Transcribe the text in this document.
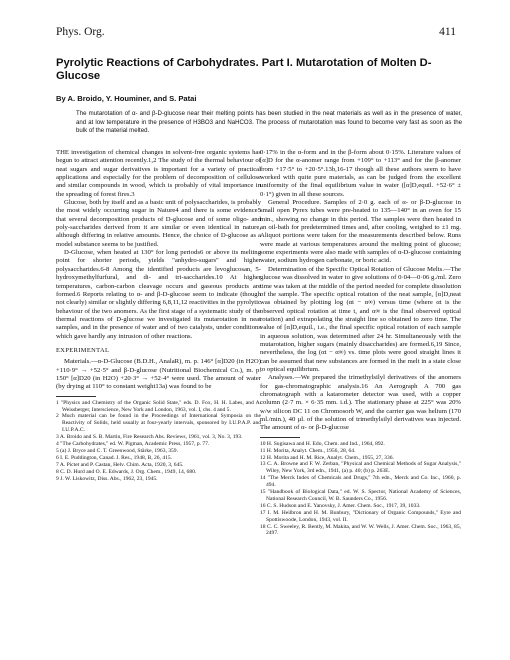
Phys. Org.	411
Pyrolytic Reactions of Carbohydrates. Part I. Mutarotation of Molten D-Glucose
By A. Broido, Y. Houminer, and S. Patai
The mutarotation of α- and β-D-glucose near their melting points has been studied in the neat materials as well as in the presence of water, and at low temperature in the presence of H3BO3 and NaHCO3. The process of mutarotation was found to become very fast as soon as the bulk of the material melted.

THE investigation of chemical changes in solvent-free organic systems has begun to attract attention recently.1,2 The study of the thermal behaviour of neat sugars and sugar derivatives is important for a variety of practical applications and especially for the problem of decomposition of cellulose and similar compounds in wood, which is probably of vital importance in the spreading of forest fires.3

Glucose, both by itself and as a basic unit of polysaccharides, is probably the most widely occurring sugar in Nature4 and there is some evidence5 that several decomposition products of D-glucose and of some oligo- and poly-saccharides derived from it are similar or even identical in nature, although differing in relative amounts. Hence, the choice of D-glucose as a model substance seems to be justified.

D-Glucose, when heated at 130° for long periods6 or above its melting point for shorter periods, yields "anhydro-sugars" and higher polysaccharides.6-8 Among the identified products are levoglucosan, 5-hydroxymethylfurfural, and di- and tri-saccharides.10 At higher temperatures, carbon-carbon cleavage occurs and gaseous products are formed.6 Reports relating to α- and β-D-glucose seem to indicate (though not clearly) similar or slightly differing 6,8,11,12 reactivities in the pyrolytic behaviour of the two anomers. As the first stage of a systematic study of the thermal reactions of D-glucose we investigated its mutarotation in neat samples, and in the presence of water and of two catalysts, under conditions which gave hardly any intrusion of other reactions.

EXPERIMENTAL

Materials.—α-D-Glucose (B.D.H., AnalaR), m. p. 146° [α]D20 (in H2O) +110·9° → +52·5° and β-D-glucose (Nutritional Biochemical Co.), m. p. 150° [α]D20 (in H2O) +20·3° → +52·4° were used. The amount of water (by drying at 110° to constant weight13a) was found to be

1 "Physics and Chemistry of the Organic Solid State," eds. D. Fox, H. H. Labes, and A. Weissberger, Interscience, New York and London, 1963, vol. I, chs. 4 and 5.
2 Much material can be found in the Proceedings of International Symposia on the Reactivity of Solids, held usually at four-yearly intervals, sponsored by I.U.P.A.P. and I.U.P.A.C.
3 A. Broido and S. B. Martin, Fire Research Abs. Reviews, 1961, vol. 3, No. 3, 193.
4 "The Carbohydrates," ed. W. Pigman, Academic Press, 1957, p. 77.
5 (a) J. Bryce and C. T. Greenwood, Stärke, 1963, 359.
6 I. E. Puddington, Canad. J. Res., 1948, B, 26, 415.
7 A. Pictet and P. Castan, Helv. Chim. Acta, 1920, 3, 645.
8 C. D. Hurd and O. E. Edwards, J. Org. Chem., 1949, 14, 680.
9 J. W. Liskowitz, Diss. Abs., 1962, 23, 1945.

0·17% in the α-form and in the β-form about 0·15%. Literature values of [α]D for the α-anomer range from +109° to +113° and for the β-anomer from +17·5° to +20·5°.13b,16-17 though all these authors seem to have worked with quite pure materials, as can be judged from the excellent uniformity of the final equilibrium value in water ([α]D,equil. +52·6° ± 0·1°) given in all these sources.

General Procedure. Samples of 2·0 g. each of α- or β-D-glucose in small open Pyrex tubes were pre-heated to 135—140° in an oven for 15 min., showing no change in this period. The samples were then heated in an oil-bath for predetermined times and, after cooling, weighed to ±1 mg. Aliquot portions were taken for the measurements described below. Runs were made at various temperatures around the melting point of glucose; some experiments were also made with samples of α-D-glucose containing water, sodium hydrogen carbonate, or boric acid.

Determination of the Specific Optical Rotation of Glucose Melts.—The glucose was dissolved in water to give solutions of 0·04—0·06 g./ml. Zero time was taken at the middle of the period needed for complete dissolution of the sample. The specific optical rotation of the neat sample, [α]D,neat was obtained by plotting log (αt − α∞) versus time (where αt is the observed optical rotation at time t, and α∞ is the final observed optical rotation) and extrapolating the straight line so obtained to zero time. The value of [α]D,equil., i.e., the final specific optical rotation of each sample in aqueous solution, was determined after 24 hr. Simultaneously with the mutarotation, higher sugars (mainly disaccharides) are formed.6,19 Since, nevertheless, the log (αt − α∞) vs. time plots were good straight lines it can be assumed that new substances are formed in the melt in a state close to optical equilibrium.

Analyses.—We prepared the trimethylsilyl derivatives of the anomers for gas-chromatographic analysis.16 An Aerograph A 700 gas chromatograph with a katarometer detector was used, with a copper column (2·7 m. × 6·35 mm. i.d.). The stationary phase at 225° was 20% w/w silicon DC 11 on Chromosorb W, and the carrier gas was helium (170 ml./min.), 40 µl. of the solution of trimethylsilyl derivatives was injected. The amount of α- or β-D-glucose

10 H. Sugisawa and H. Edo, Chem. and Ind., 1964, 892.
11 H. Morita, Analyt. Chem., 1956, 28, 64.
12 H. Morita and H. M. Rice, Analyt. Chem., 1955, 27, 336.
13 C. A. Browne and F. W. Zerban, "Physical and Chemical Methods of Sugar Analysis," Wiley, New York, 3rd edn., 1941, (a) p. 40; (b) p. 263E.
14 "The Merck Index of Chemicals and Drugs," 7th edn., Merck and Co. Inc., 1960, p. 494.
15 "Handbook of Biological Data," ed. W. S. Spector, National Academy of Sciences, National Research Council, W. B. Saunders Co., 1956.
16 C. S. Hudson and E. Yanovsky, J. Amer. Chem. Soc., 1917, 39, 1033.
17 I. M. Heilbron and H. M. Bunbury, "Dictionary of Organic Compounds," Eyre and Spottiswoode, London, 1943, vol. II.
18 C. C. Sweeley, R. Bently, M. Makita, and W. W. Wells, J. Amer. Chem. Soc., 1963, 85, 2497.
